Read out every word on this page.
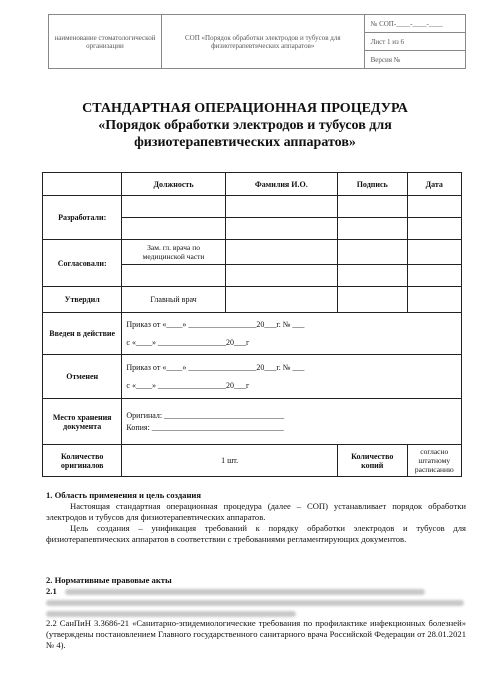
наименование стоматологической организации	СОП «Порядок обработки электродов и тубусов для физиотерапевтических аппаратов»	№ СОП-____-____-____
Лист 1 из 6
Версия №
СТАНДАРТНАЯ ОПЕРАЦИОННАЯ ПРОЦЕДУРА
«Порядок обработки электродов и тубусов для
физиотерапевтических аппаратов»
	Должность	Фамилия И.О.	Подпись	Дата
Разработали:	

Согласовали:	Зам. гл. врача по медицинской части			

Утвердил	Главный врач			
Введен в действие	Приказ от «____» _________________20___г. № ___
с «____» _________________20___г			

Отменен	Приказ от «____» _________________20___г. № ___
с «____» _________________20___г			

Место хранения документа	Оригинал: ______________________________
Копия: _________________________________			

Количество оригиналов	1 шт.		Количество копий	согласно штатному расписанию
1. Область применения и цель создания
Настоящая стандартная операционная процедура (далее – СОП) устанавливает порядок обработки электродов и тубусов для физиотерапевтических аппаратов.
Цель создания – унификация требований к порядку обработки электродов и тубусов для физиотерапевтических аппаратов в соответствии с требованиями регламентирующих документов.
2. Нормативные правовые акты
2.1
2.2 СанПиН 3.3686-21 «Санитарно-эпидемиологические требования по профилактике инфекционных болезней» (утверждены постановлением Главного государственного санитарного врача Российской Федерации от 28.01.2021 № 4).
